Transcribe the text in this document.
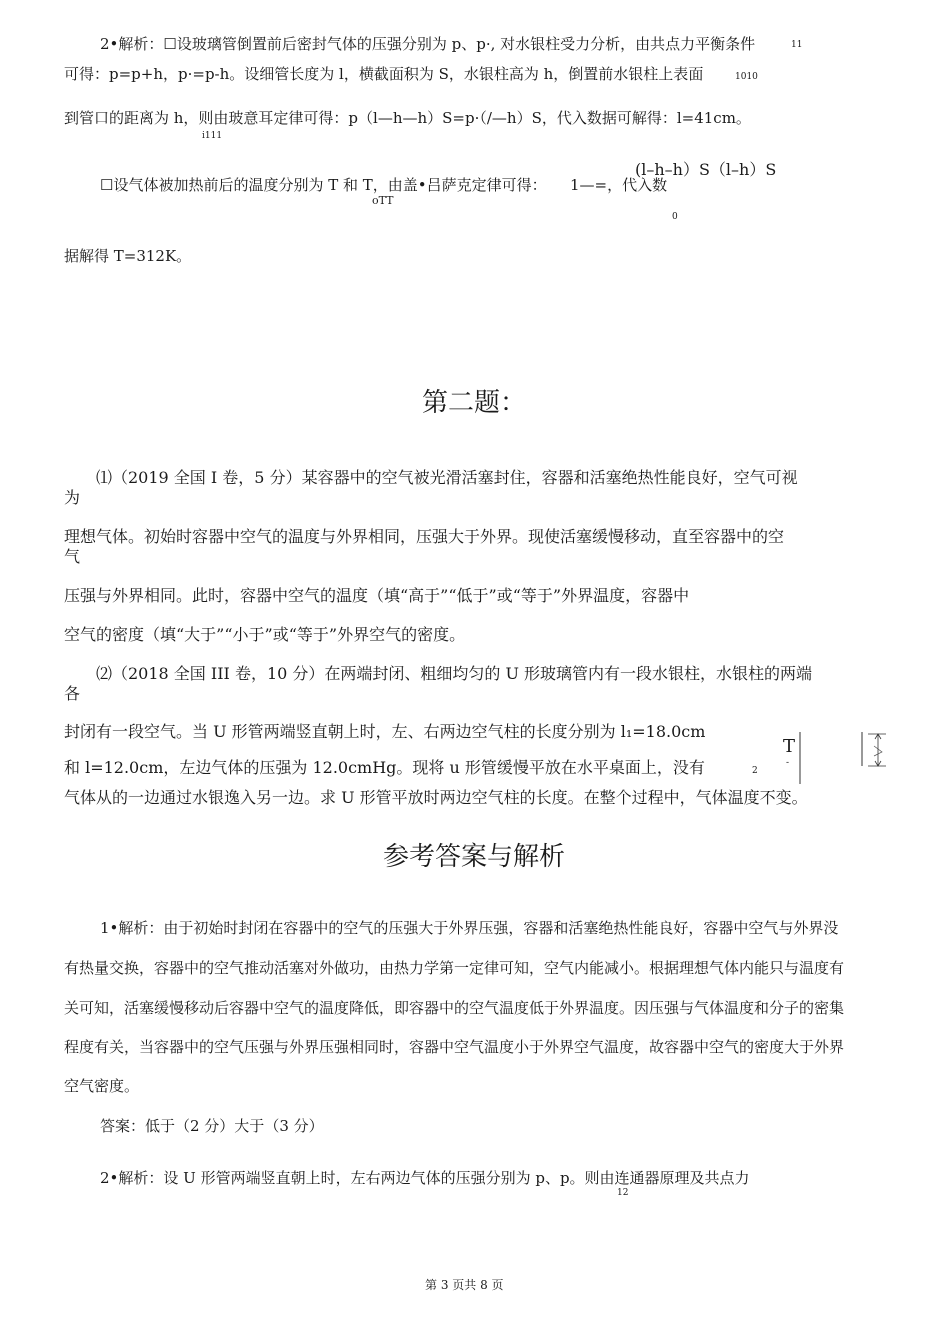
2•解析：☐设玻璃管倒置前后密封气体的压强分别为 p、p·, 对水银柱受力分析，由共点力平衡条件	11
可得：p=p+h，p·=p-h。设细管长度为 l，横截面积为 S，水银柱高为 h，倒置前水银柱上表面	1010
到管口的距离为 h，则由玻意耳定律可得：p（l—h—h）S=p·（/—h）S，代入数据可解得：l=41cm。
i111
(l–h–h）S（l–h）S
☐设气体被加热前后的温度分别为 T 和 T，由盖•吕萨克定律可得： 1—=，代入数
oTT
0
据解得 T=312K。
第二题：
⑴（2019 全国 I 卷，5 分）某容器中的空气被光滑活塞封住，容器和活塞绝热性能良好，空气可视
为
理想气体。初始时容器中空气的温度与外界相同，压强大于外界。现使活塞缓慢移动，直至容器中的空
气
压强与外界相同。此时，容器中空气的温度（填“高于”“低于”或“等于”外界温度，容器中
空气的密度（填“大于”“小于”或“等于”外界空气的密度。
⑵（2018 全国 III 卷，10 分）在两端封闭、粗细均匀的 U 形玻璃管内有一段水银柱，水银柱的两端
各
封闭有一段空气。当 U 形管两端竖直朝上时，左、右两边空气柱的长度分别为 l₁=18.0cm
和 l=12.0cm，左边气体的压强为 12.0cmHg。现将 u 形管缓慢平放在水平桌面上，没有	2
气体从的一边通过水银逸入另一边。求 U 形管平放时两边空气柱的长度。在整个过程中，气体温度不变。
T
-
参考答案与解析
1•解析：由于初始时封闭在容器中的空气的压强大于外界压强，容器和活塞绝热性能良好，容器中空气与外界没
有热量交换，容器中的空气推动活塞对外做功，由热力学第一定律可知，空气内能减小。根据理想气体内能只与温度有
关可知，活塞缓慢移动后容器中空气的温度降低，即容器中的空气温度低于外界温度。因压强与气体温度和分子的密集
程度有关，当容器中的空气压强与外界压强相同时，容器中空气温度小于外界空气温度，故容器中空气的密度大于外界
空气密度。
答案：低于（2 分）大于（3 分）
2•解析：设 U 形管两端竖直朝上时，左右两边气体的压强分别为 p、p。则由连通器原理及共点力
12
第 3 页共 8 页
